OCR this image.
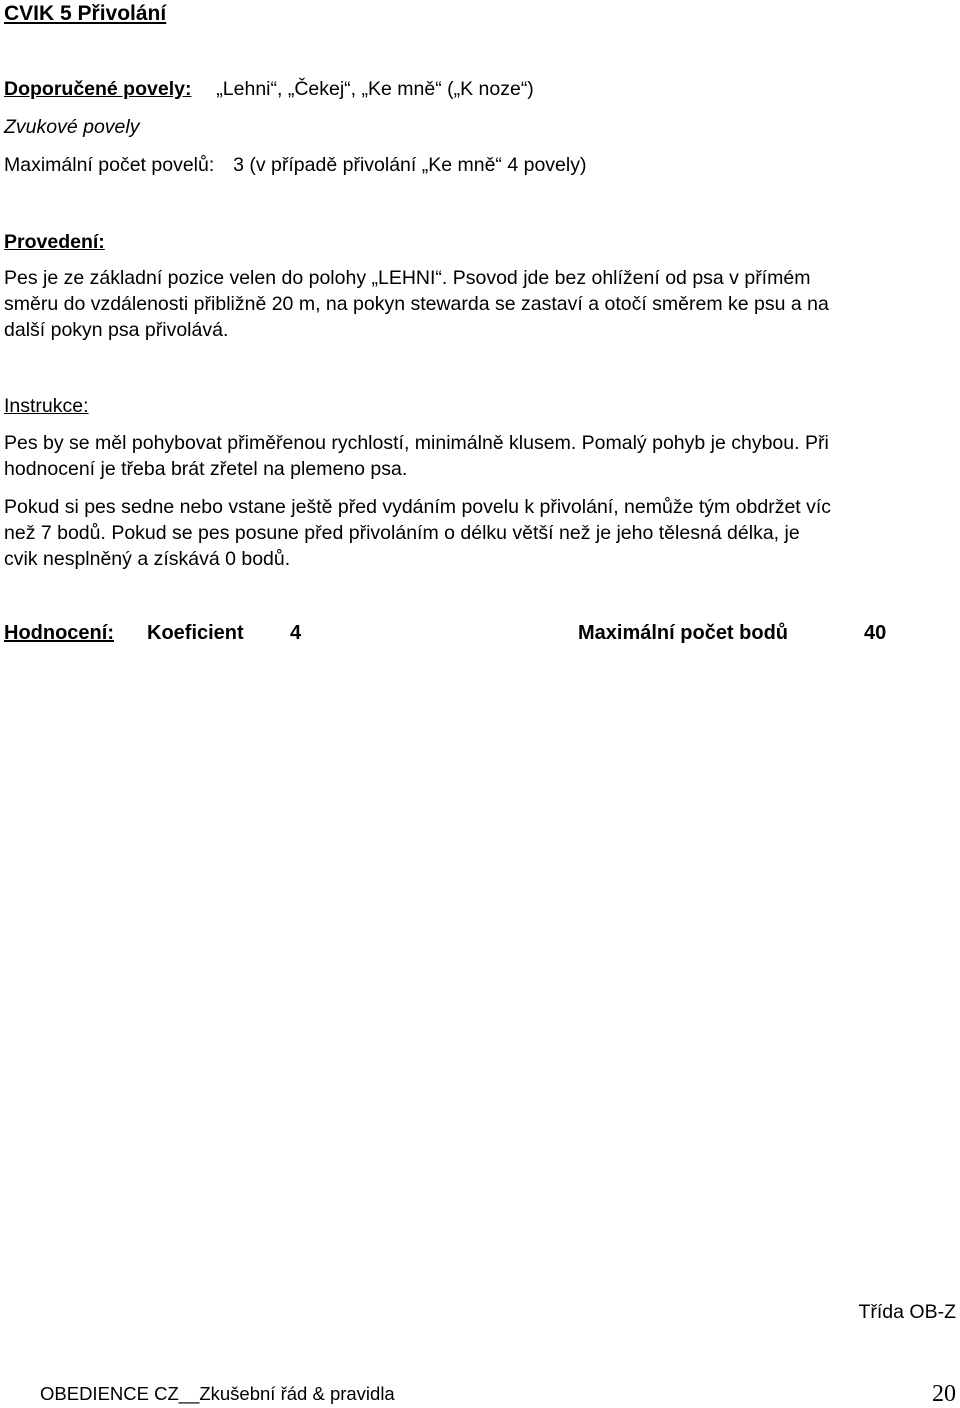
CVIK 5 Přivolání
Doporučené povely: „Lehni“, „Čekej“, „Ke mně“ („K noze“)
Zvukové povely
Maximální počet povelů: 3 (v případě přivolání „Ke mně“ 4 povely)
Provedení:
Pes je ze základní pozice velen do polohy „LEHNI“. Psovod jde bez ohlížení od psa v přímém
směru do vzdálenosti přibližně 20 m, na pokyn stewarda se zastaví a otočí směrem ke psu a na
další pokyn psa přivolává.
Instrukce:
Pes by se měl pohybovat přiměřenou rychlostí, minimálně klusem. Pomalý pohyb je chybou. Při
hodnocení je třeba brát zřetel na plemeno psa.
Pokud si pes sedne nebo vstane ještě před vydáním povelu k přivolání, nemůže tým obdržet víc
než 7 bodů. Pokud se pes posune před přivoláním o délku větší než je jeho tělesná délka, je
cvik nesplněný a získává 0 bodů.
Hodnocení: Koeficient 4	Maximální počet bodů	40
Třída OB-Z
OBEDIENCE CZ__Zkušební řád & pravidla	20
